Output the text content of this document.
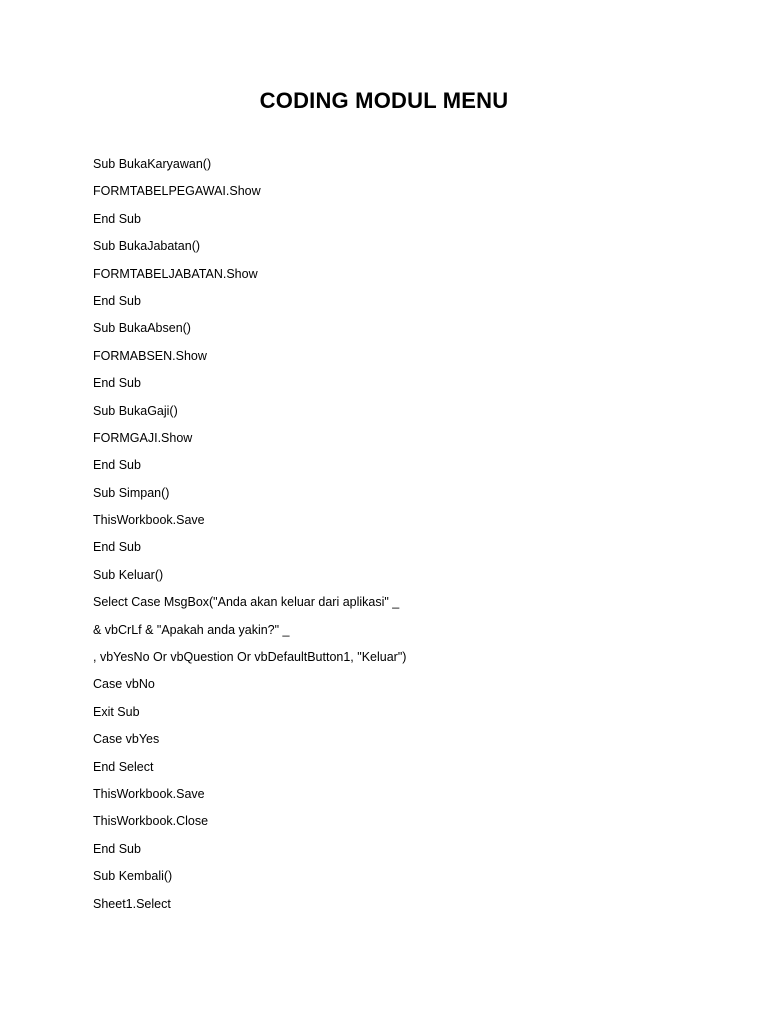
CODING MODUL MENU
Sub BukaKaryawan()
FORMTABELPEGAWAI.Show
End Sub
Sub BukaJabatan()
FORMTABELJABATAN.Show
End Sub
Sub BukaAbsen()
FORMABSEN.Show
End Sub
Sub BukaGaji()
FORMGAJI.Show
End Sub
Sub Simpan()
ThisWorkbook.Save
End Sub
Sub Keluar()
Select Case MsgBox("Anda akan keluar dari aplikasi" _
& vbCrLf & "Apakah anda yakin?" _
, vbYesNo Or vbQuestion Or vbDefaultButton1, "Keluar")
Case vbNo
Exit Sub
Case vbYes
End Select
ThisWorkbook.Save
ThisWorkbook.Close
End Sub
Sub Kembali()
Sheet1.Select
